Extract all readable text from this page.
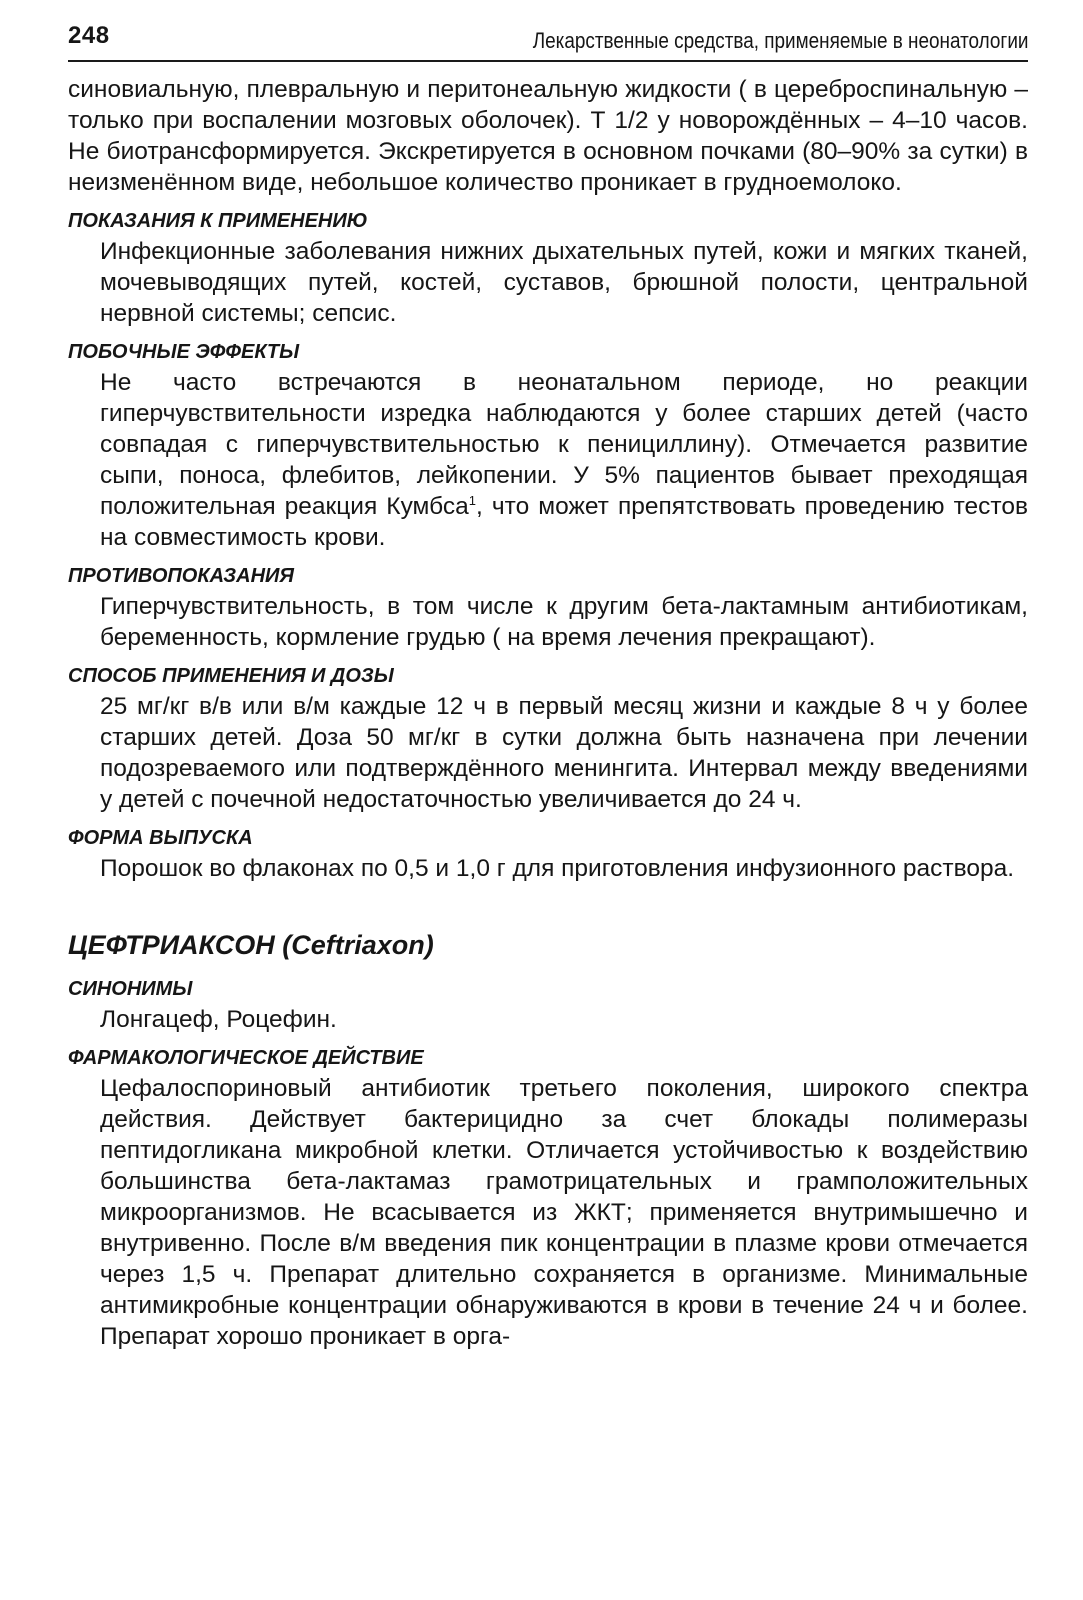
248	Лекарственные средства, применяемые в неонатологии

синовиальную, плевральную и перитонеальную жидкости ( в цереброспинальную – только при воспалении мозговых оболочек). Т 1/2 у новорождённых – 4–10 часов. Не биотрансформируется. Экскретируется в основном почками (80–90% за сутки) в неизменённом виде, небольшое количество проникает в грудноемолоко.

ПОКАЗАНИЯ К ПРИМЕНЕНИЮ

Инфекционные заболевания нижних дыхательных путей, кожи и мягких тканей, мочевыводящих путей, костей, суставов, брюшной полости, центральной нервной системы; сепсис.

ПОБОЧНЫЕ ЭФФЕКТЫ

Не часто встречаются в неонатальном периоде, но реакции гиперчувствительности изредка наблюдаются у более старших детей (часто совпадая с гиперчувствительностью к пенициллину). Отмечается развитие сыпи, поноса, флебитов, лейкопении. У 5% пациентов бывает преходящая положительная реакция Кумбса$^1$, что может препятствовать проведению тестов на совместимость крови.

ПРОТИВОПОКАЗАНИЯ

Гиперчувствительность, в том числе к другим бета-лактамным антибиотикам, беременность, кормление грудью ( на время лечения прекращают).

СПОСОБ ПРИМЕНЕНИЯ И ДОЗЫ

25 мг/кг в/в или в/м каждые 12 ч в первый месяц жизни и каждые 8 ч у более старших детей. Доза 50 мг/кг в сутки должна быть назначена при лечении подозреваемого или подтверждённого менингита. Интервал между введениями у детей с почечной недостаточностью увеличивается до 24 ч.

ФОРМА ВЫПУСКА

Порошок во флаконах по 0,5 и 1,0 г для приготовления инфузионного раствора.

ЦЕФТРИАКСОН (Ceftriaxon)
СИНОНИМЫ

Лонгацеф, Роцефин.

ФАРМАКОЛОГИЧЕСКОЕ ДЕЙСТВИЕ

Цефалоспориновый антибиотик третьего поколения, широкого спектра действия. Действует бактерицидно за счет блокады полимеразы пептидогликана микробной клетки. Отличается устойчивостью к воздействию большинства бета-лактамаз грамотрицательных и грамположительных микроорганизмов. Не всасывается из ЖКТ; применяется внутримышечно и внутривенно. После в/м введения пик концентрации в плазме крови отмечается через 1,5 ч. Препарат длительно сохраняется в организме. Минимальные антимикробные концентрации обнаруживаются в крови в течение 24 ч и более. Препарат хорошо проникает в орга-
